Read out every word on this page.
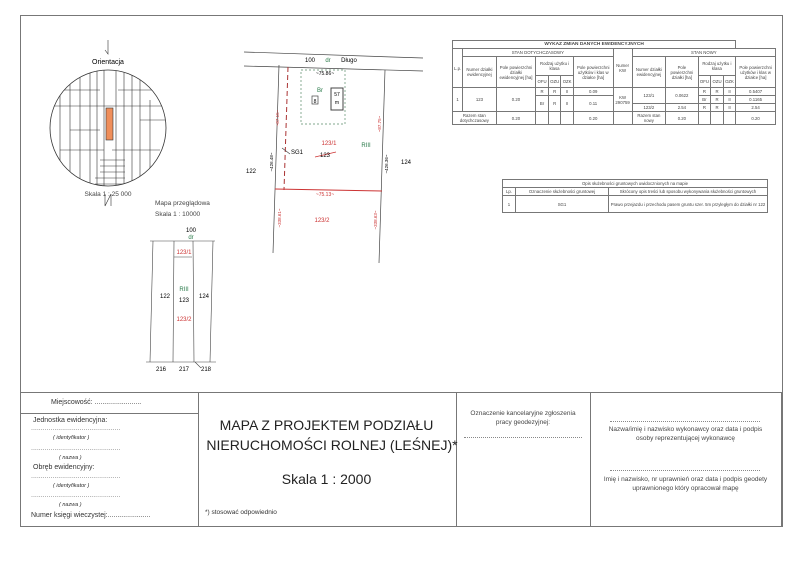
Orientacja
Skala 1 : 25 000
Mapa przeglądowa
Skala 1 : 10000
100
dr
123/1
RIII
123
123/2
122	124
216 217 218
100 dr Długo
~75.86~
Br
8
57
m
123/1	RIII
123
SG1
122
124
~75.13~
123/2
~87.15~	~87.75~
~426.48~	~426.36~
~338.61~	~338.63~
WYKAZ ZMIAN DANYCH EWIDENCYJNYCH													
L.p.	STAN DOTYCHCZASOWY						Numer KW	STAN NOWY					
	Numer działki ewidencyjnej	Pole powierzchni działki ewidencyjnej [ha]	Rodzaj użytku i klasa			Pole powierzchni użytków i klas w działce [ha]		Numer działki ewidencyjnej	Pole powierzchni działki [ha]	Rodzaj użytku i klasa			Pole powierzchni użytków i klas w działce [ha]
			OFU	OZU	OZK					OFU	OZU	OZK	
1	123	0.20	R	R	II	0.09	KW 290759	123/1	0.0622	R	R	II	0.5407
			Br	R	II	0.11				Br	R	II	0.1165
								123/2	2.54	R	R	II	2.54
Razem stan dotychczasowy		0.20				0.20		Razem stan nowy	0.20				0.20
Opis służebności gruntowych uwidocznionych na mapie		
Lp.	Oznaczenie służebności gruntowej	Skrócony opis treści lub sposobu wykonywania służebności gruntowych
1	SG1	Prawo przejazdu i przechodu pasem gruntu szer. 5m przyległym do działki nr 122
Miejscowość: ........................
Jednostka ewidencyjna:
..............................................
( identyfikator )
..............................................
( nazwa )
Obręb ewidencyjny:
..............................................
( identyfikator )
..............................................
( nazwa )
Numer księgi wieczystej:......................
MAPA Z PROJEKTEM PODZIAŁU
NIERUCHOMOŚCI ROLNEJ (LEŚNEJ)*
Skala 1 : 2000
*) stosować odpowiednio
Oznaczenie kancelaryjne zgłoszenia pracy geodezyjnej:
Nazwa/imię i nazwisko wykonawcy oraz data i podpis osoby reprezentującej wykonawcę
Imię i nazwisko, nr uprawnień oraz data i podpis geodety uprawnionego który opracował mapę
